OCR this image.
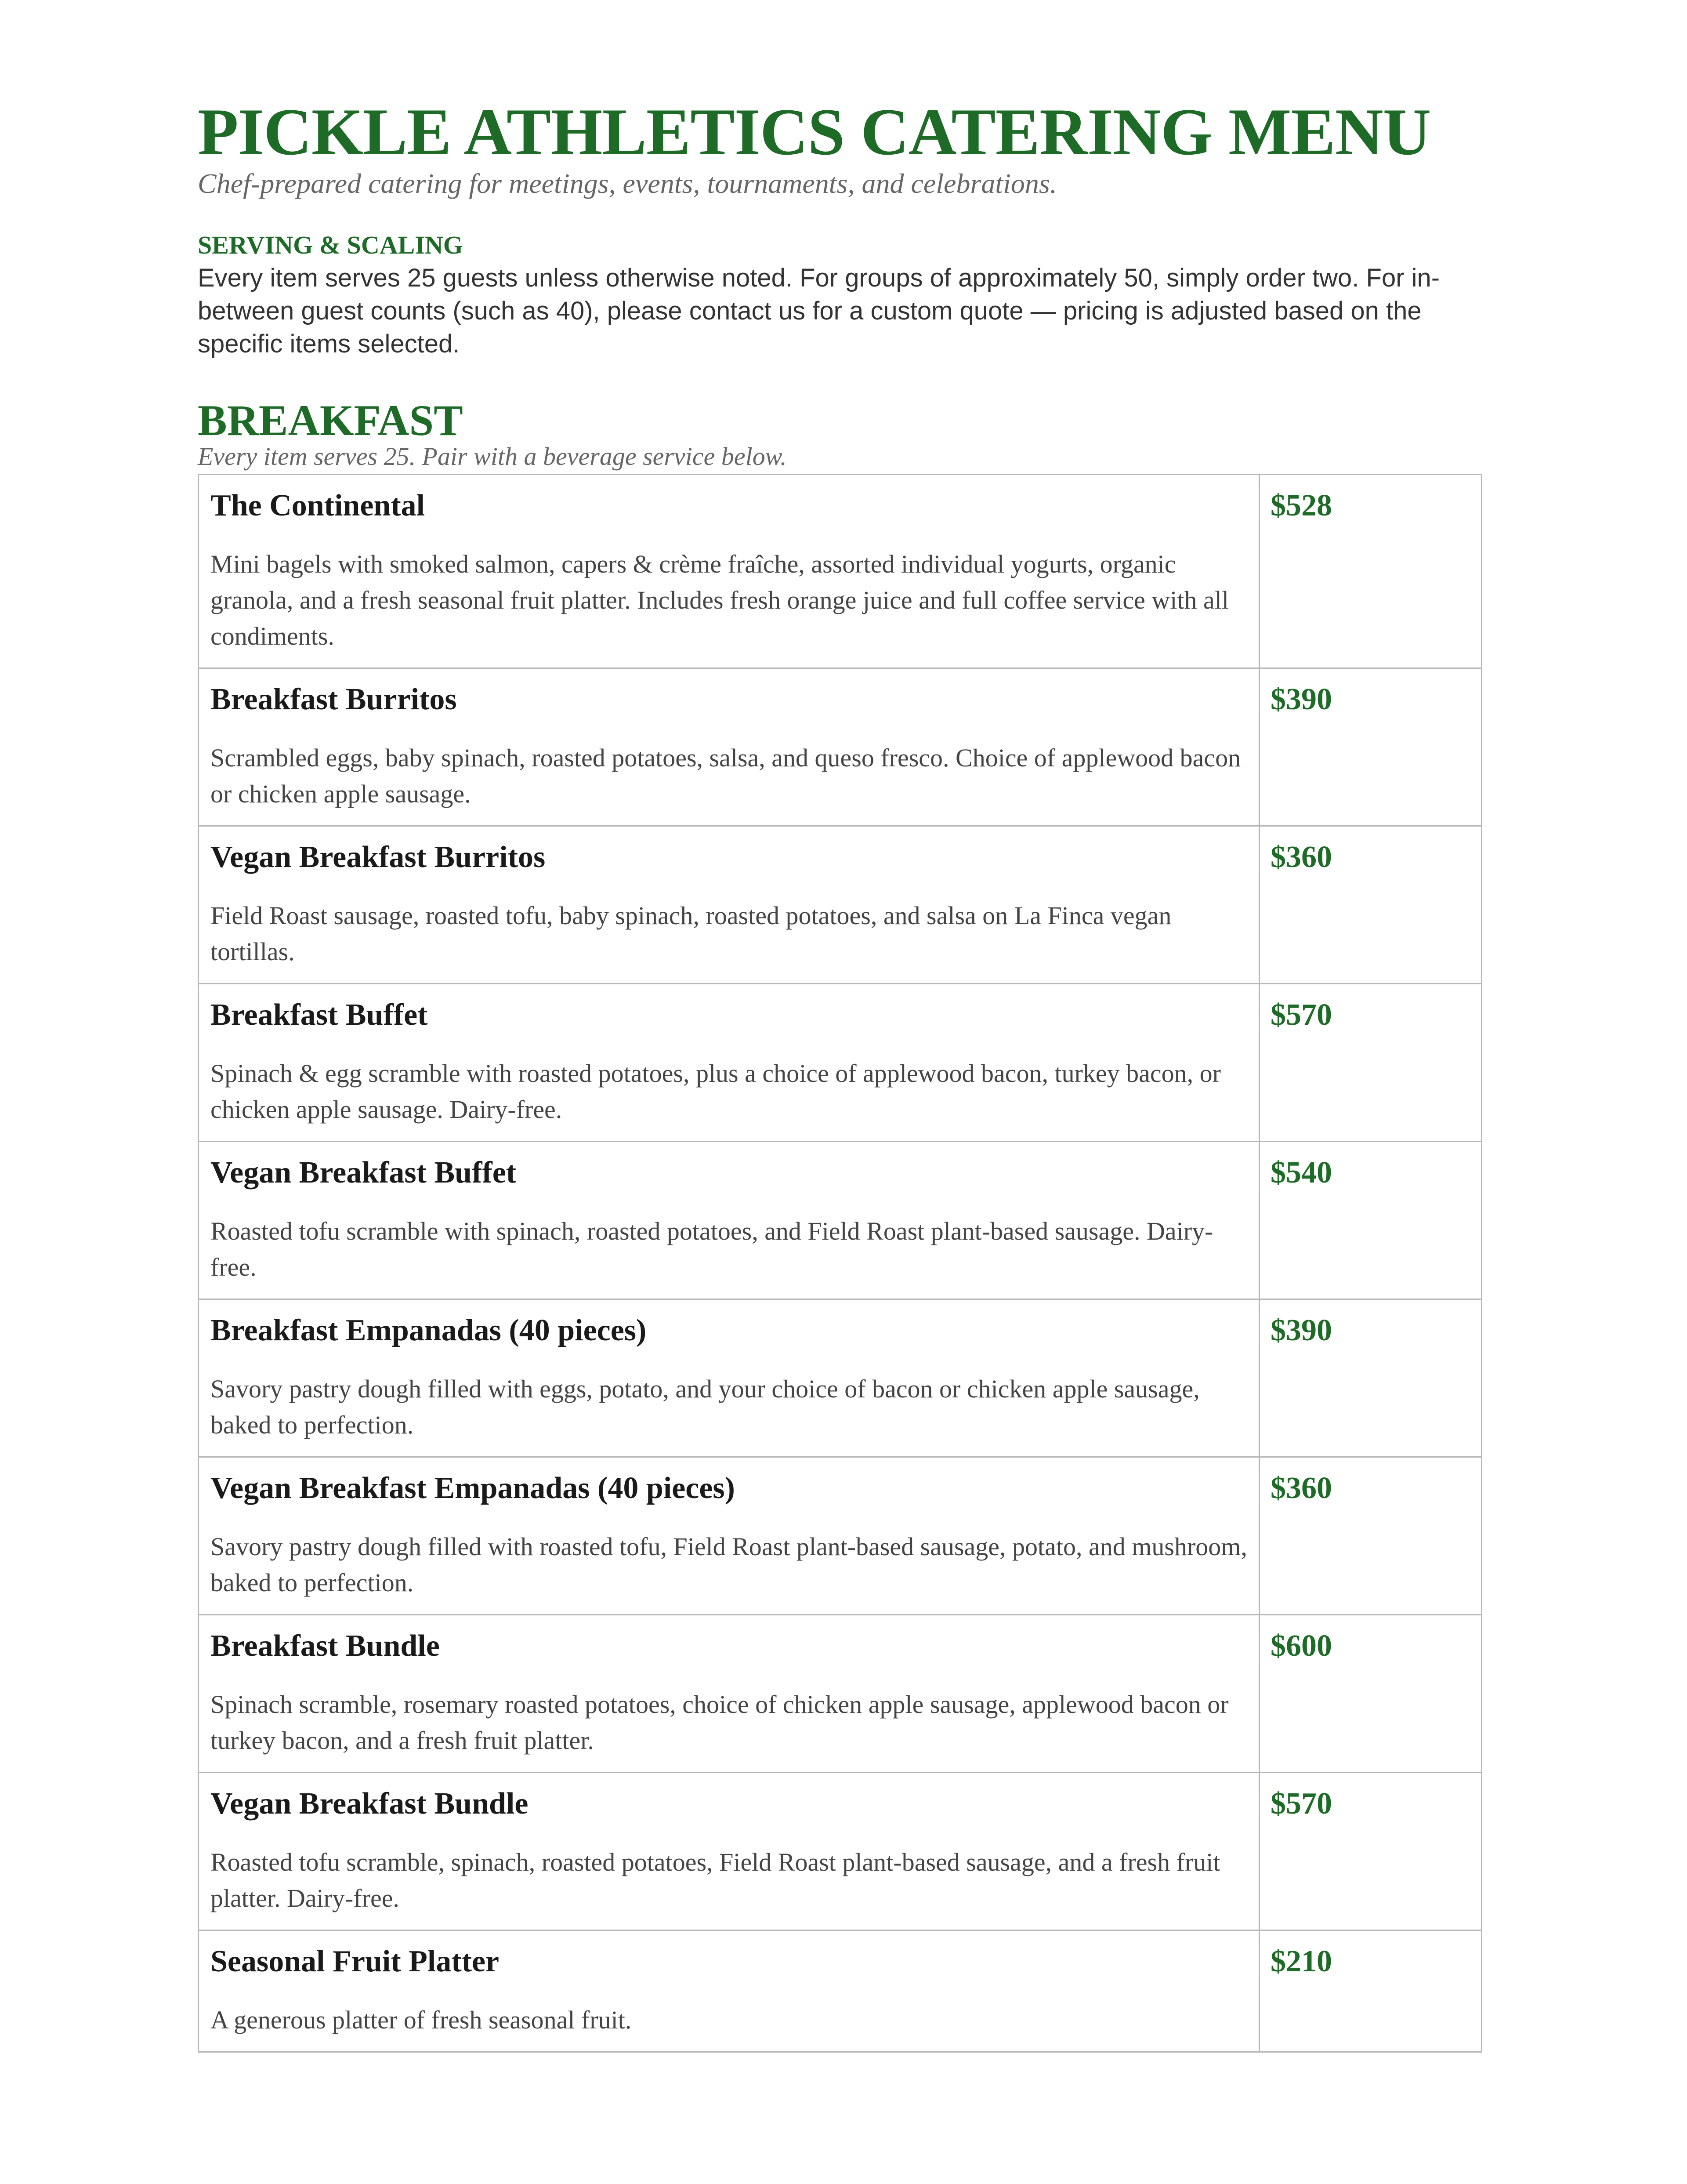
PICKLE ATHLETICS CATERING MENU
Chef-prepared catering for meetings, events, tournaments, and celebrations.
SERVING & SCALING
Every item serves 25 guests unless otherwise noted. For groups of approximately 50, simply order two. For in-between guest counts (such as 40), please contact us for a custom quote — pricing is adjusted based on the specific items selected.
BREAKFAST
Every item serves 25. Pair with a beverage service below.
The Continental
Mini bagels with smoked salmon, capers & crème fraîche, assorted individual yogurts, organic granola, and a fresh seasonal fruit platter. Includes fresh orange juice and full coffee service with all condiments.	$528

Breakfast Burritos
Scrambled eggs, baby spinach, roasted potatoes, salsa, and queso fresco. Choice of applewood bacon or chicken apple sausage.	$390

Vegan Breakfast Burritos
Field Roast sausage, roasted tofu, baby spinach, roasted potatoes, and salsa on La Finca vegan tortillas.	$360

Breakfast Buffet
Spinach & egg scramble with roasted potatoes, plus a choice of applewood bacon, turkey bacon, or chicken apple sausage. Dairy-free.	$570

Vegan Breakfast Buffet
Roasted tofu scramble with spinach, roasted potatoes, and Field Roast plant-based sausage. Dairy-free.	$540

Breakfast Empanadas (40 pieces)
Savory pastry dough filled with eggs, potato, and your choice of bacon or chicken apple sausage, baked to perfection.	$390

Vegan Breakfast Empanadas (40 pieces)
Savory pastry dough filled with roasted tofu, Field Roast plant-based sausage, potato, and mushroom, baked to perfection.	$360

Breakfast Bundle
Spinach scramble, rosemary roasted potatoes, choice of chicken apple sausage, applewood bacon or turkey bacon, and a fresh fruit platter.	$600

Vegan Breakfast Bundle
Roasted tofu scramble, spinach, roasted potatoes, Field Roast plant-based sausage, and a fresh fruit platter. Dairy-free.	$570

Seasonal Fruit Platter
A generous platter of fresh seasonal fruit.	$210
